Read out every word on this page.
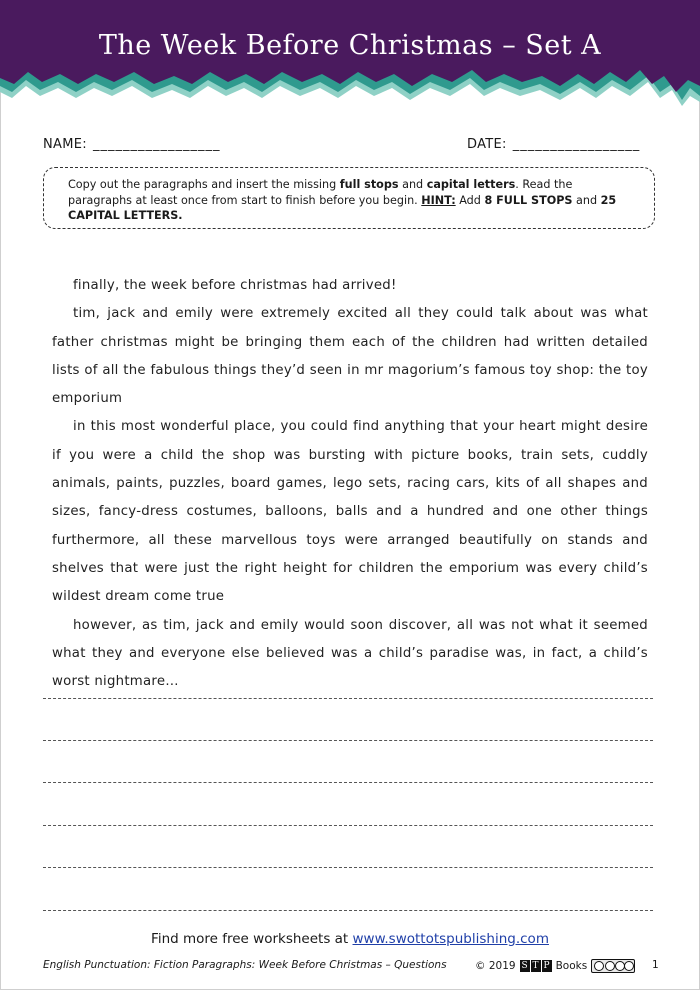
The Week Before Christmas – Set A
NAME: _________________	DATE: _________________
Copy out the paragraphs and insert the missing full stops and capital letters. Read the paragraphs at least once from start to finish before you begin. HINT: Add 8 FULL STOPS and 25 CAPITAL LETTERS.

finally, the week before christmas had arrived!

tim, jack and emily were extremely excited all they could talk about was what father christmas might be bringing them each of the children had written detailed lists of all the fabulous things they’d seen in mr magorium’s famous toy shop: the toy emporium

in this most wonderful place, you could find anything that your heart might desire if you were a child the shop was bursting with picture books, train sets, cuddly animals, paints, puzzles, board games, lego sets, racing cars, kits of all shapes and sizes, fancy-dress costumes, balloons, balls and a hundred and one other things furthermore, all these marvellous toys were arranged beautifully on stands and shelves that were just the right height for children the emporium was every child’s wildest dream come true

however, as tim, jack and emily would soon discover, all was not what it seemed what they and everyone else believed was a child’s paradise was, in fact, a child’s worst nightmare…

Find more free worksheets at www.swottotspublishing.com
English Punctuation: Fiction Paragraphs: Week Before Christmas – Questions	© 2019 S T P Books	1
